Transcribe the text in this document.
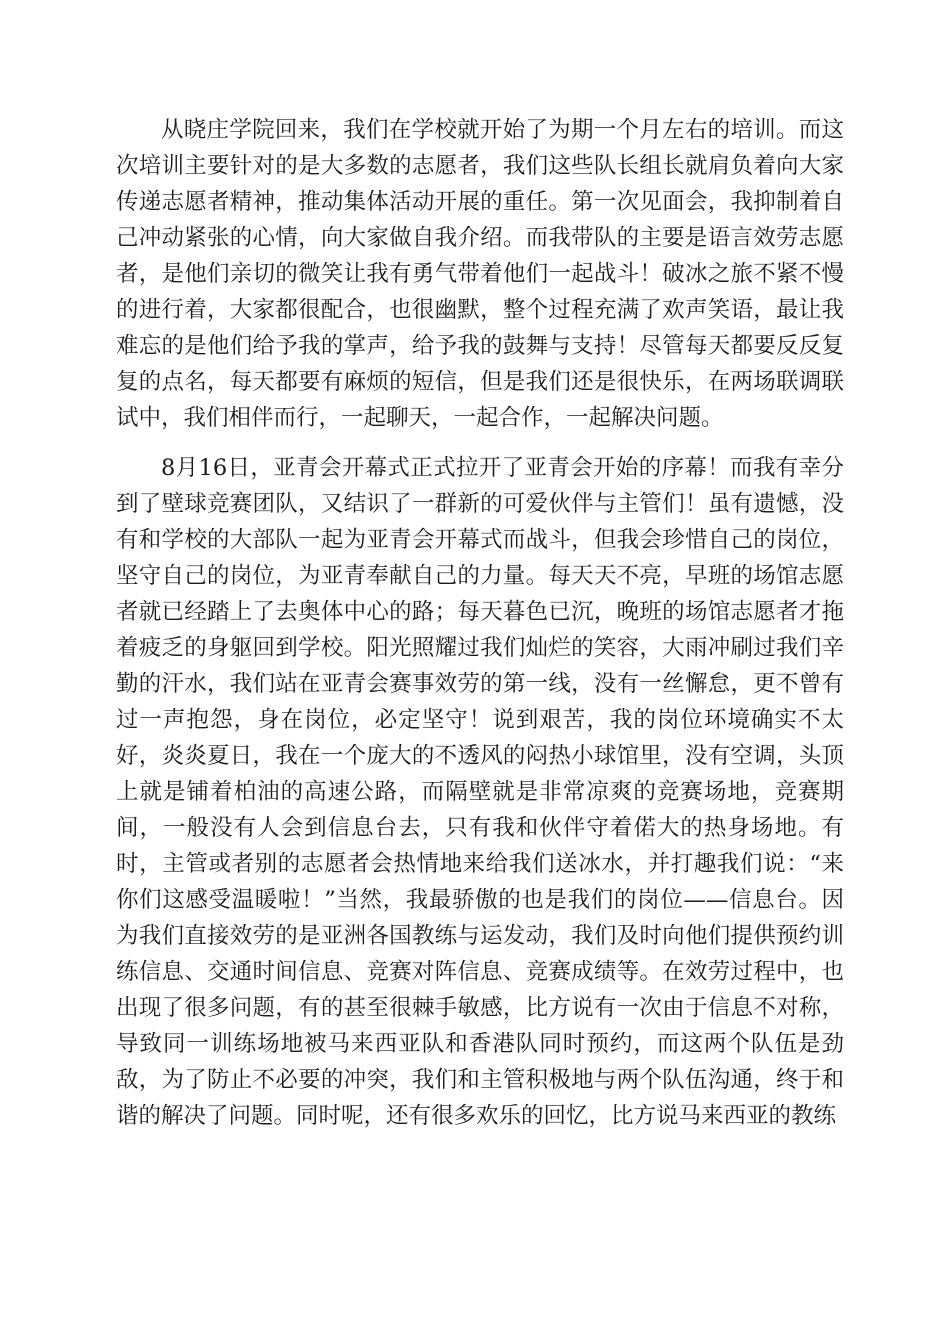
从晓庄学院回来，我们在学校就开始了为期一个月左右的培训。而这次培训主要针对的是大多数的志愿者，我们这些队长组长就肩负着向大家传递志愿者精神，推动集体活动开展的重任。第一次见面会，我抑制着自己冲动紧张的心情，向大家做自我介绍。而我带队的主要是语言效劳志愿者，是他们亲切的微笑让我有勇气带着他们一起战斗！破冰之旅不紧不慢的进行着，大家都很配合，也很幽默，整个过程充满了欢声笑语，最让我难忘的是他们给予我的掌声，给予我的鼓舞与支持！尽管每天都要反反复复的点名，每天都要有麻烦的短信，但是我们还是很快乐，在两场联调联试中，我们相伴而行，一起聊天，一起合作，一起解决问题。

8月16日，亚青会开幕式正式拉开了亚青会开始的序幕！而我有幸分到了壁球竞赛团队，又结识了一群新的可爱伙伴与主管们！虽有遗憾，没有和学校的大部队一起为亚青会开幕式而战斗，但我会珍惜自己的岗位，坚守自己的岗位，为亚青奉献自己的力量。每天天不亮，早班的场馆志愿者就已经踏上了去奥体中心的路；每天暮色已沉，晚班的场馆志愿者才拖着疲乏的身躯回到学校。阳光照耀过我们灿烂的笑容，大雨冲刷过我们辛勤的汗水，我们站在亚青会赛事效劳的第一线，没有一丝懈怠，更不曾有过一声抱怨，身在岗位，必定坚守！说到艰苦，我的岗位环境确实不太好，炎炎夏日，我在一个庞大的不透风的闷热小球馆里，没有空调，头顶上就是铺着柏油的高速公路，而隔壁就是非常凉爽的竞赛场地，竞赛期间，一般没有人会到信息台去，只有我和伙伴守着偌大的热身场地。有时，主管或者别的志愿者会热情地来给我们送冰水，并打趣我们说：“来你们这感受温暖啦！”当然，我最骄傲的也是我们的岗位——信息台。因为我们直接效劳的是亚洲各国教练与运发动，我们及时向他们提供预约训练信息、交通时间信息、竞赛对阵信息、竞赛成绩等。在效劳过程中，也出现了很多问题，有的甚至很棘手敏感，比方说有一次由于信息不对称，导致同一训练场地被马来西亚队和香港队同时预约，而这两个队伍是劲敌，为了防止不必要的冲突，我们和主管积极地与两个队伍沟通，终于和谐的解决了问题。同时呢，还有很多欢乐的回忆，比方说马来西亚的教练
